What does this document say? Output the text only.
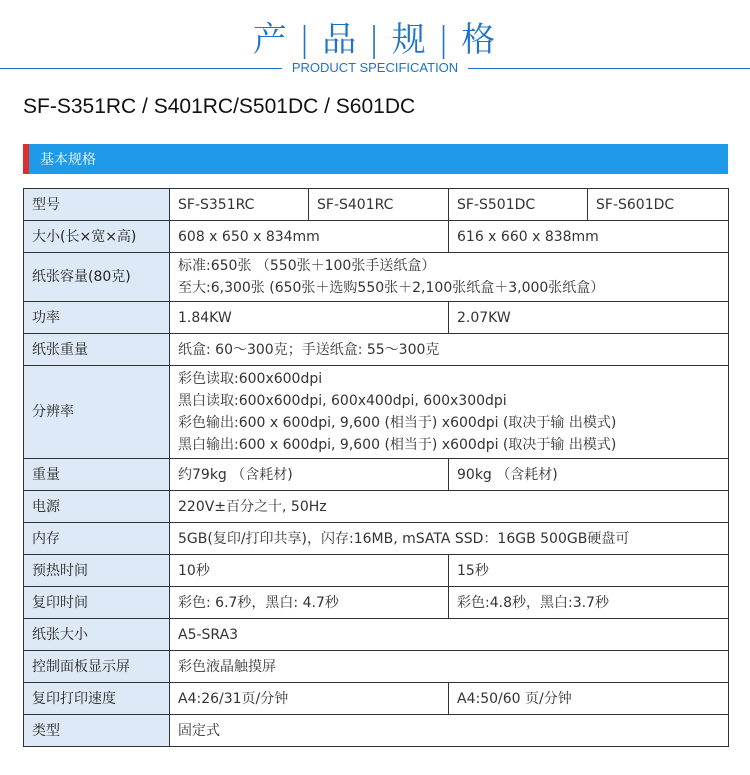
产 | 品 | 规 | 格
PRODUCT SPECIFICATION
SF-S351RC / S401RC/S501DC / S601DC
基本规格
型号	SF-S351RC	SF-S401RC	SF-S501DC	SF-S601DC
大小(长×宽×高)	608 x 650 x 834mm		616 x 660 x 838mm	
纸张容量(80克)	标准:650张 （550张＋100张手送纸盒）
至大:6,300张 (650张＋选购550张＋2,100张纸盒＋3,000张纸盒）			

功率	1.84KW		2.07KW	
纸张重量	纸盒: 60～300克；手送纸盒: 55～300克			
分辨率	彩色读取:600x600dpi
黑白读取:600x600dpi, 600x400dpi, 600x300dpi
彩色输出:600 x 600dpi, 9,600 (相当于) x600dpi (取决于输 出模式)
黑白输出:600 x 600dpi, 9,600 (相当于) x600dpi (取决于输 出模式)			

重量	约79kg （含耗材)		90kg （含耗材)	
电源	220V±百分之十, 50Hz			
内存	5GB(复印/打印共享)，闪存:16MB, mSATA SSD：16GB 500GB硬盘可			
预热时间	10秒		15秒	
复印时间	彩色: 6.7秒，黑白: 4.7秒		彩色:4.8秒，黑白:3.7秒	
纸张大小	A5-SRA3			
控制面板显示屏	彩色液晶触摸屏			
复印打印速度	A4:26/31页/分钟		A4:50/60 页/分钟	
类型	固定式			
